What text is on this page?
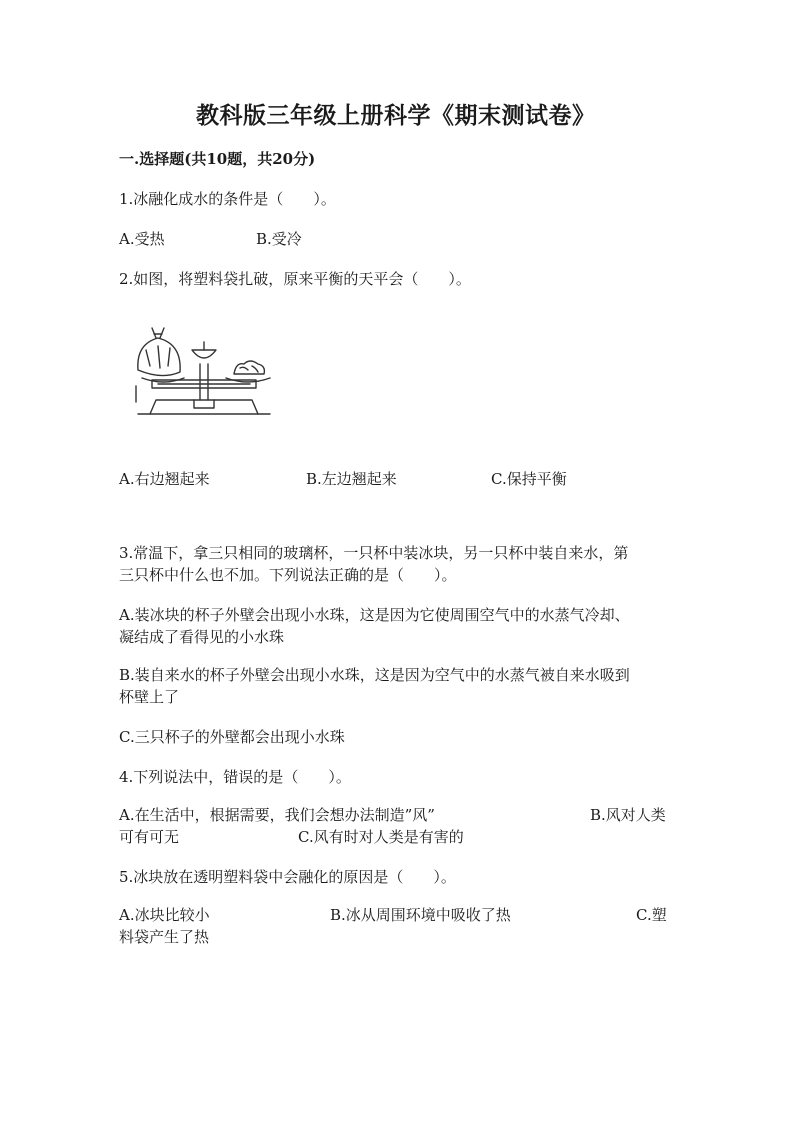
教科版三年级上册科学《期末测试卷》
一.选择题(共10题，共20分)
1.冰融化成水的条件是（　　）。
A.受热	B.受冷
2.如图，将塑料袋扎破，原来平衡的天平会（　　）。
A.右边翘起来	B.左边翘起来	C.保持平衡
3.常温下，拿三只相同的玻璃杯，一只杯中装冰块，另一只杯中装自来水，第
三只杯中什么也不加。下列说法正确的是（　　）。
A.装冰块的杯子外壁会出现小水珠，这是因为它使周围空气中的水蒸气冷却、
凝结成了看得见的小水珠
B.装自来水的杯子外壁会出现小水珠，这是因为空气中的水蒸气被自来水吸到
杯壁上了
C.三只杯子的外壁都会出现小水珠
4.下列说法中，错误的是（　　）。
A.在生活中，根据需要，我们会想办法制造”风”	B.风对人类
可有可无	C.风有时对人类是有害的
5.冰块放在透明塑料袋中会融化的原因是（　　）。
A.冰块比较小	B.冰从周围环境中吸收了热	C.塑
料袋产生了热
